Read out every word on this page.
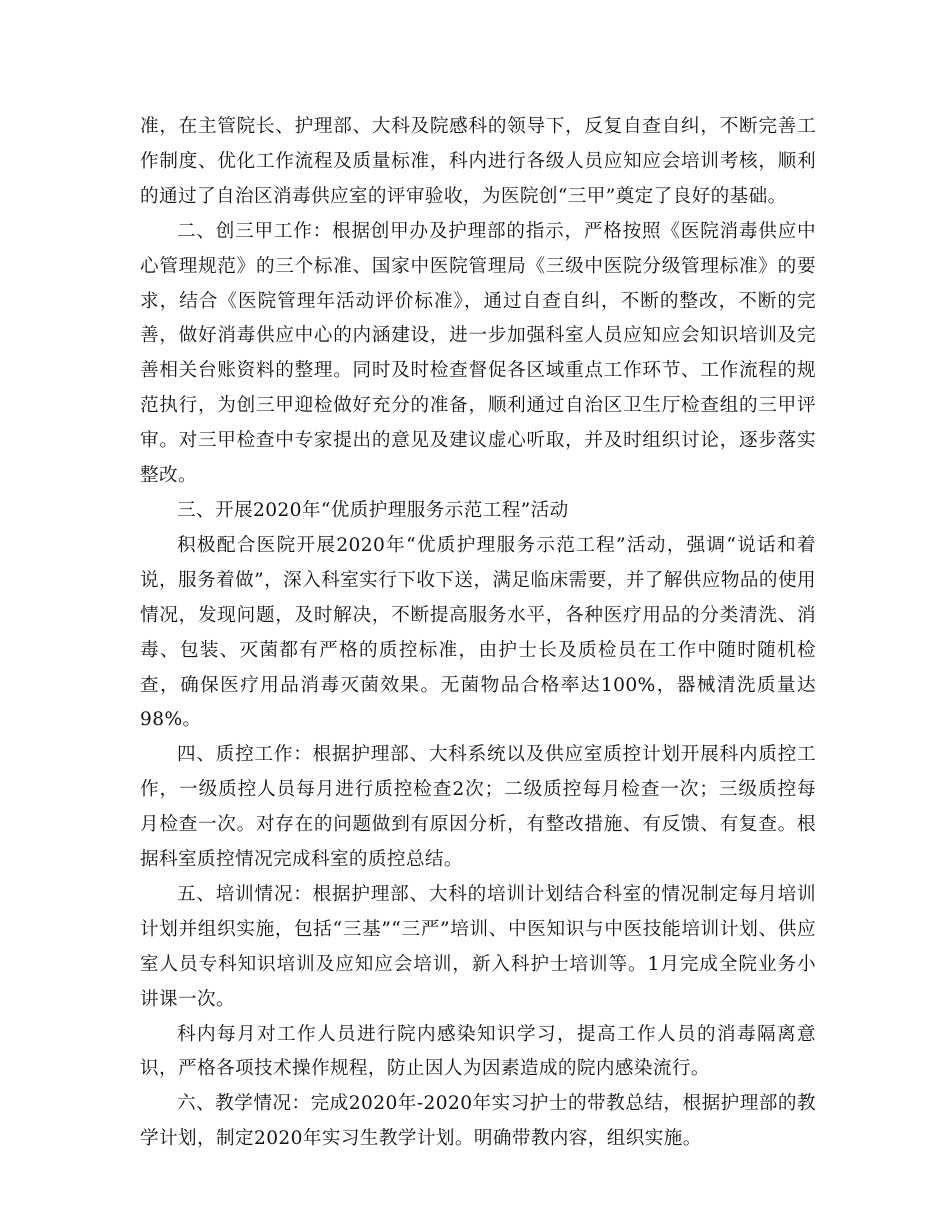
准，在主管院长、护理部、大科及院感科的领导下，反复自查自纠，不断完善工作制度、优化工作流程及质量标准，科内进行各级人员应知应会培训考核，顺利的通过了自治区消毒供应室的评审验收，为医院创“三甲”奠定了良好的基础。

二、创三甲工作：根据创甲办及护理部的指示，严格按照《医院消毒供应中心管理规范》的三个标准、国家中医院管理局《三级中医院分级管理标准》的要求，结合《医院管理年活动评价标准》，通过自查自纠，不断的整改，不断的完善，做好消毒供应中心的内涵建设，进一步加强科室人员应知应会知识培训及完善相关台账资料的整理。同时及时检查督促各区域重点工作环节、工作流程的规范执行，为创三甲迎检做好充分的准备，顺利通过自治区卫生厅检查组的三甲评审。对三甲检查中专家提出的意见及建议虚心听取，并及时组织讨论，逐步落实整改。

三、开展2020年“优质护理服务示范工程”活动

积极配合医院开展2020年“优质护理服务示范工程”活动，强调“说话和着说，服务着做”，深入科室实行下收下送，满足临床需要，并了解供应物品的使用情况，发现问题，及时解决，不断提高服务水平，各种医疗用品的分类清洗、消毒、包装、灭菌都有严格的质控标准，由护士长及质检员在工作中随时随机检查，确保医疗用品消毒灭菌效果。无菌物品合格率达100%，器械清洗质量达98%。

四、质控工作：根据护理部、大科系统以及供应室质控计划开展科内质控工作，一级质控人员每月进行质控检查2次；二级质控每月检查一次；三级质控每月检查一次。对存在的问题做到有原因分析，有整改措施、有反馈、有复查。根据科室质控情况完成科室的质控总结。

五、培训情况：根据护理部、大科的培训计划结合科室的情况制定每月培训计划并组织实施，包括“三基”“三严”培训、中医知识与中医技能培训计划、供应室人员专科知识培训及应知应会培训，新入科护士培训等。1月完成全院业务小讲课一次。

科内每月对工作人员进行院内感染知识学习，提高工作人员的消毒隔离意识，严格各项技术操作规程，防止因人为因素造成的院内感染流行。

六、教学情况：完成2020年-2020年实习护士的带教总结，根据护理部的教学计划，制定2020年实习生教学计划。明确带教内容，组织实施。
